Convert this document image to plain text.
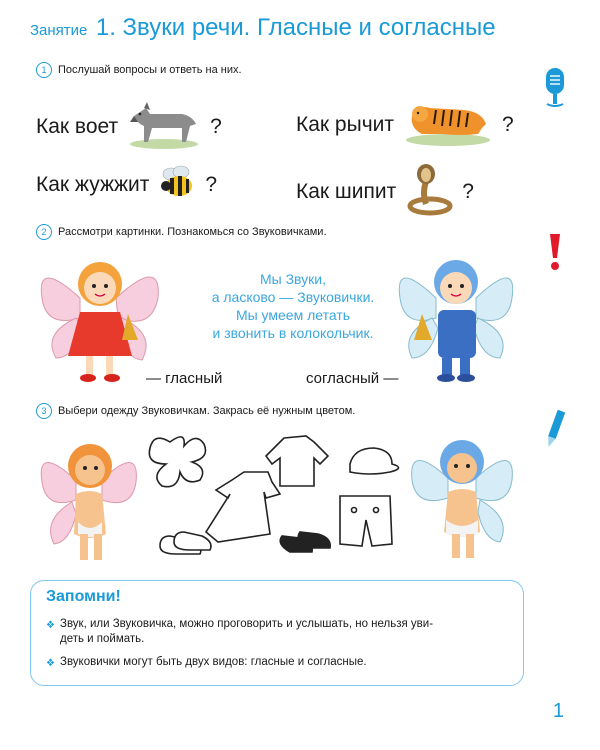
Занятие 1. Звуки речи. Гласные и согласные
1	Послушай вопросы и ответь на них.
Как воет	?	Как рычит	?
Как жужжит	?	Как шипит	?
2	Рассмотри картинки. Познакомься со Звуковичками.
Мы Звуки,
а ласково — Звуковички.
Мы умеем летать
и звонить в колокольчик.
— гласный	согласный —
3	Выбери одежду Звуковичкам. Закрась её нужным цветом.
Запомни!
❖ Звук, или Звуковичка, можно проговорить и услышать, но нельзя уви-
деть и поймать.
❖ Звуковички могут быть двух видов: гласные и согласные.
1
